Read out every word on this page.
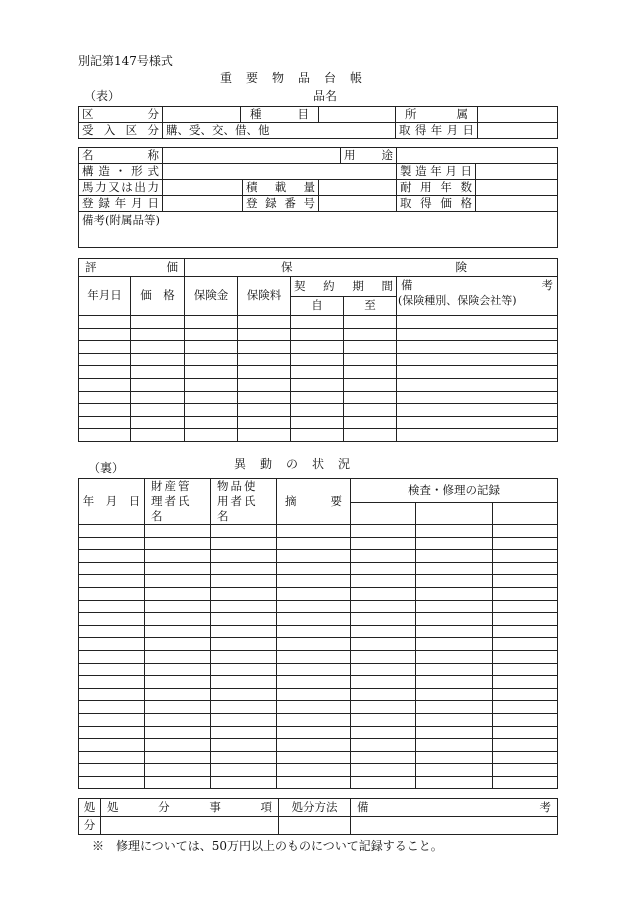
別記第147号様式
重　要　物　品　台　帳
（表）	品名
区　　分		種　　目		所　　属	

受 入 区 分	購、受、交、借、他			取 得 年 月 日	

名　　称				用　　途		

構造・形式					製造年月日	

馬力又は出力		積 載 量			耐 用 年 数	

登録年月日		登 録 番 号			取 得 価 格	

備考(附属品等)						
評　　価		保険				

年月日	価　格	保険金	保険料	契 約 期 間		備　　考
(保険種別、保険会社等)

				自	至	

（裏）	異　動　の　状　況
年　月　日	財産管理者氏名	物品使用者氏名	摘　　要	検査・修理の記録		

処	処　　分　　事　　項	処分方法	備　　　　　　考

分			
※　修理については、50万円以上のものについて記録すること。
